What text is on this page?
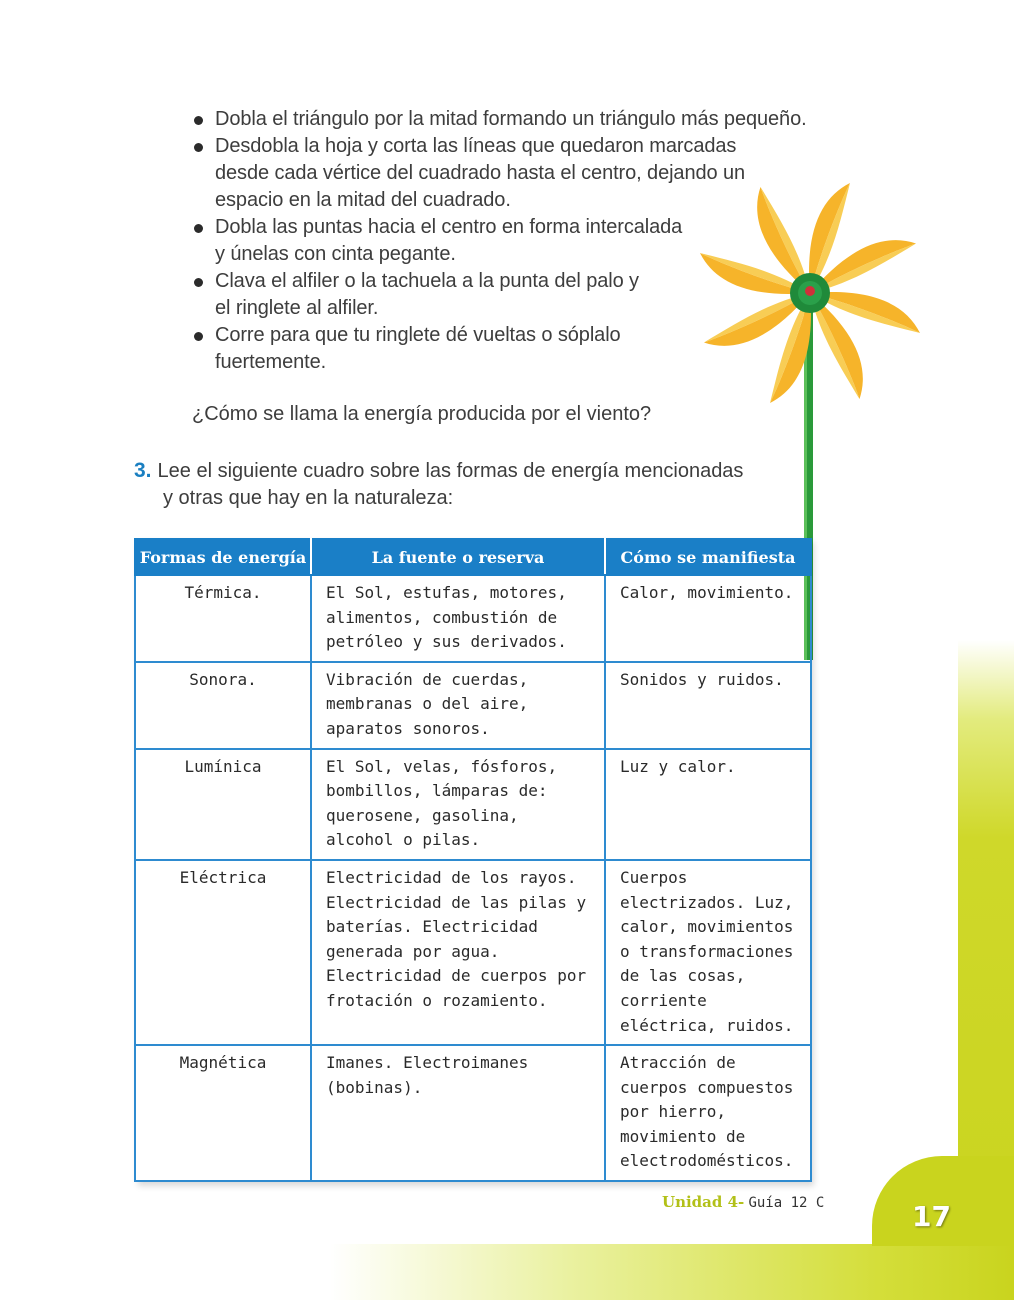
17
Dobla el triángulo por la mitad formando un triángulo más pequeño.
Desdobla la hoja y corta las líneas que quedaron marcadas desde cada vértice del cuadrado hasta el centro, dejando un espacio en la mitad del cuadrado.
Dobla las puntas hacia el centro en forma intercalada y únelas con cinta pegante.
Clava el alfiler o la tachuela a la punta del palo y el ringlete al alfiler.
Corre para que tu ringlete dé vueltas o sóplalo fuertemente.
¿Cómo se llama la energía producida por el viento?
3. Lee el siguiente cuadro sobre las formas de energía mencionadas
y otras que hay en la naturaleza:
Formas de energía	La fuente o reserva	Cómo se manifiesta
Térmica.	El Sol, estufas, motores, alimentos, combustión de petróleo y sus derivados.	Calor, movimiento.
Sonora.	Vibración de cuerdas, membranas o del aire, aparatos sonoros.	Sonidos y ruidos.
Lumínica	El Sol, velas, fósforos, bombillos, lámparas de: querosene, gasolina, alcohol o pilas.	Luz y calor.
Eléctrica	Electricidad de los rayos. Electricidad de las pilas y baterías. Electricidad generada por agua. Electricidad de cuerpos por frotación o rozamiento.	Cuerpos electrizados. Luz, calor, movimientos o transformaciones de las cosas, corriente eléctrica, ruidos.
Magnética	Imanes. Electroimanes (bobinas).	Atracción de cuerpos compuestos por hierro, movimiento de electrodomésticos.
Unidad 4- Guía 12 C
